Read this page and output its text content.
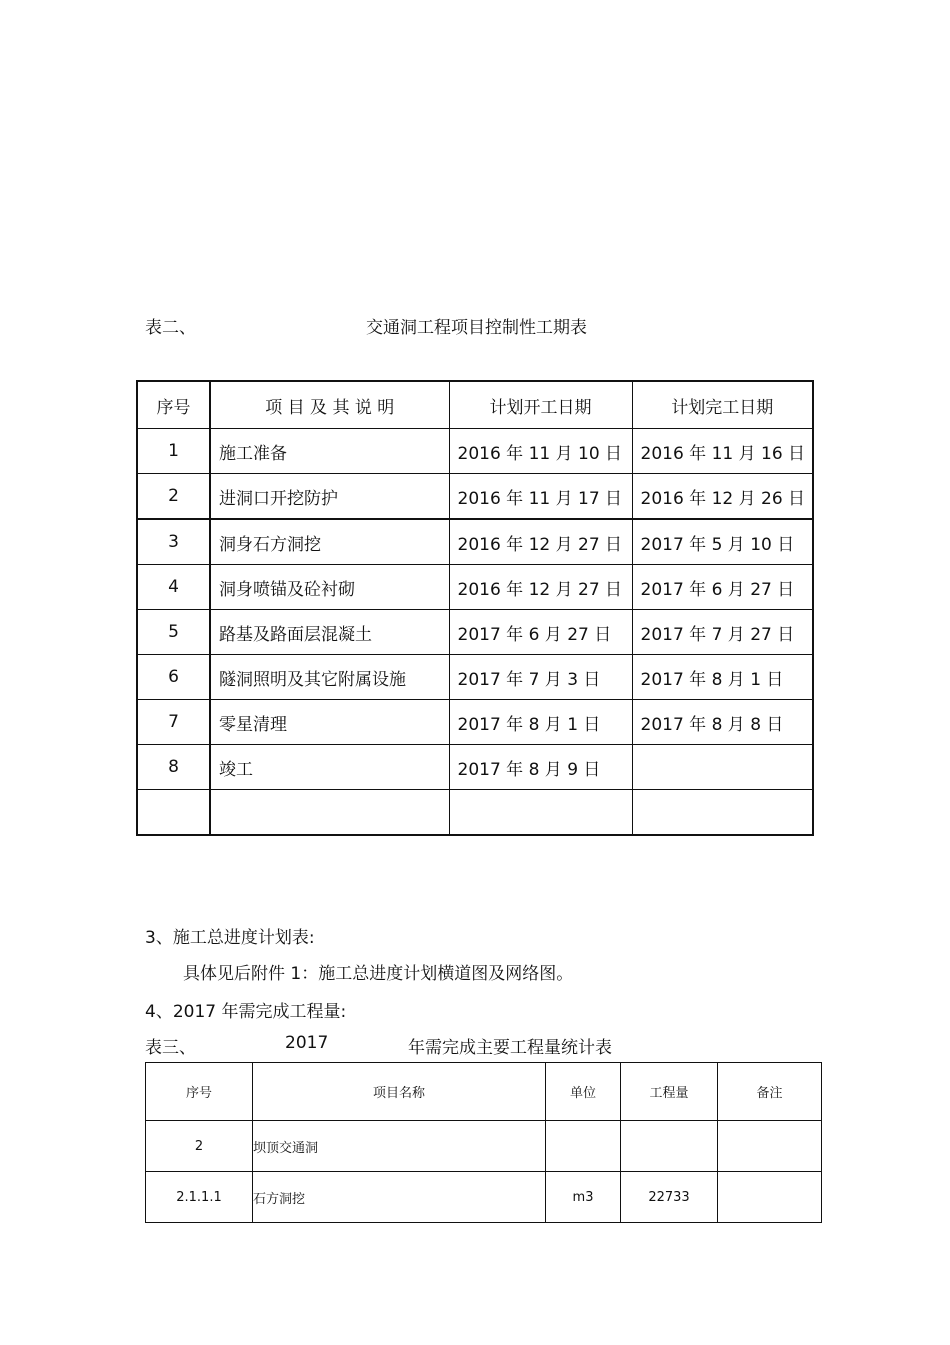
表二、	交通洞工程项目控制性工期表
序号	项 目 及 其 说 明	计划开工日期	计划完工日期
1	施工准备	2016 年 11 月 10 日	2016 年 11 月 16 日
2	进洞口开挖防护	2016 年 11 月 17 日	2016 年 12 月 26 日
3	洞身石方洞挖	2016 年 12 月 27 日	2017 年 5 月 10 日
4	洞身喷锚及砼衬砌	2016 年 12 月 27 日	2017 年 6 月 27 日
5	路基及路面层混凝土	2017 年 6 月 27 日	2017 年 7 月 27 日
6	隧洞照明及其它附属设施	2017 年 7 月 3 日	2017 年 8 月 1 日
7	零星清理	2017 年 8 月 1 日	2017 年 8 月 8 日
8	竣工	2017 年 8 月 9 日	

3、施工总进度计划表:
具体见后附件 1：施工总进度计划横道图及网络图。
4、2017 年需完成工程量:
表三、	2017	年需完成主要工程量统计表
序号	项目名称	单位	工程量	备注
2	坝顶交通洞			
2.1.1.1	石方洞挖	m3	22733	
